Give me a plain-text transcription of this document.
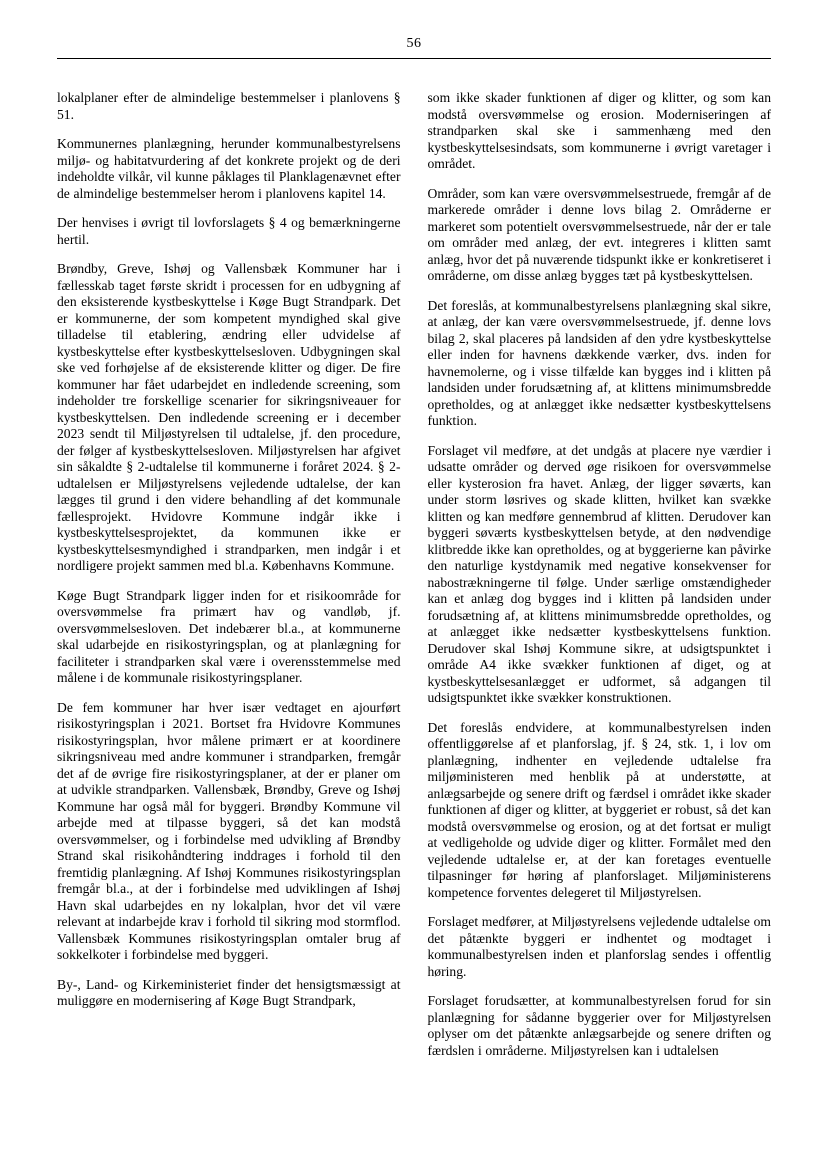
56

lokalplaner efter de almindelige bestemmelser i planlovens § 51.

Kommunernes planlægning, herunder kommunalbestyrelsens miljø- og habitatvurdering af det konkrete projekt og de deri indeholdte vilkår, vil kunne påklages til Planklagenævnet efter de almindelige bestemmelser herom i planlovens kapitel 14.

Der henvises i øvrigt til lovforslagets § 4 og bemærkningerne hertil.

Brøndby, Greve, Ishøj og Vallensbæk Kommuner har i fællesskab taget første skridt i processen for en udbygning af den eksisterende kystbeskyttelse i Køge Bugt Strandpark. Det er kommunerne, der som kompetent myndighed skal give tilladelse til etablering, ændring eller udvidelse af kystbeskyttelse efter kystbeskyttelsesloven. Udbygningen skal ske ved forhøjelse af de eksisterende klitter og diger. De fire kommuner har fået udarbejdet en indledende screening, som indeholder tre forskellige scenarier for sikringsniveauer for kystbeskyttelsen. Den indledende screening er i december 2023 sendt til Miljøstyrelsen til udtalelse, jf. den procedure, der følger af kystbeskyttelsesloven. Miljøstyrelsen har afgivet sin såkaldte § 2-udtalelse til kommunerne i foråret 2024. § 2-udtalelsen er Miljøstyrelsens vejledende udtalelse, der kan lægges til grund i den videre behandling af det kommunale fællesprojekt. Hvidovre Kommune indgår ikke i kystbeskyttelsesprojektet, da kommunen ikke er kystbeskyttelsesmyndighed i strandparken, men indgår i et nordligere projekt sammen med bl.a. Københavns Kommune.

Køge Bugt Strandpark ligger inden for et risikoområde for oversvømmelse fra primært hav og vandløb, jf. oversvømmelsesloven. Det indebærer bl.a., at kommunerne skal udarbejde en risikostyringsplan, og at planlægning for faciliteter i strandparken skal være i overensstemmelse med målene i de kommunale risikostyringsplaner.

De fem kommuner har hver især vedtaget en ajourført risikostyringsplan i 2021. Bortset fra Hvidovre Kommunes risikostyringsplan, hvor målene primært er at koordinere sikringsniveau med andre kommuner i strandparken, fremgår det af de øvrige fire risikostyringsplaner, at der er planer om at udvikle strandparken. Vallensbæk, Brøndby, Greve og Ishøj Kommune har også mål for byggeri. Brøndby Kommune vil arbejde med at tilpasse byggeri, så det kan modstå oversvømmelser, og i forbindelse med udvikling af Brøndby Strand skal risikohåndtering inddrages i forhold til den fremtidig planlægning. Af Ishøj Kommunes risikostyringsplan fremgår bl.a., at der i forbindelse med udviklingen af Ishøj Havn skal udarbejdes en ny lokalplan, hvor det vil være relevant at indarbejde krav i forhold til sikring mod stormflod. Vallensbæk Kommunes risikostyringsplan omtaler brug af sokkelkoter i forbindelse med byggeri.

By-, Land- og Kirkeministeriet finder det hensigtsmæssigt at muliggøre en modernisering af Køge Bugt Strandpark,

som ikke skader funktionen af diger og klitter, og som kan modstå oversvømmelse og erosion. Moderniseringen af strandparken skal ske i sammenhæng med den kystbeskyttelsesindsats, som kommunerne i øvrigt varetager i området.

Områder, som kan være oversvømmelsestruede, fremgår af de markerede områder i denne lovs bilag 2. Områderne er markeret som potentielt oversvømmelsestruede, når der er tale om områder med anlæg, der evt. integreres i klitten samt anlæg, hvor det på nuværende tidspunkt ikke er konkretiseret i områderne, om disse anlæg bygges tæt på kystbeskyttelsen.

Det foreslås, at kommunalbestyrelsens planlægning skal sikre, at anlæg, der kan være oversvømmelsestruede, jf. denne lovs bilag 2, skal placeres på landsiden af den ydre kystbeskyttelse eller inden for havnens dækkende værker, dvs. inden for havnemolerne, og i visse tilfælde kan bygges ind i klitten på landsiden under forudsætning af, at klittens minimumsbredde opretholdes, og at anlægget ikke nedsætter kystbeskyttelsens funktion.

Forslaget vil medføre, at det undgås at placere nye værdier i udsatte områder og derved øge risikoen for oversvømmelse eller kysterosion fra havet. Anlæg, der ligger søværts, kan under storm løsrives og skade klitten, hvilket kan svække klitten og kan medføre gennembrud af klitten. Derudover kan byggeri søværts kystbeskyttelsen betyde, at den nødvendige klitbredde ikke kan opretholdes, og at byggerierne kan påvirke den naturlige kystdynamik med negative konsekvenser for nabostrækningerne til følge. Under særlige omstændigheder kan et anlæg dog bygges ind i klitten på landsiden under forudsætning af, at klittens minimumsbredde opretholdes, og at anlægget ikke nedsætter kystbeskyttelsens funktion. Derudover skal Ishøj Kommune sikre, at udsigtspunktet i område A4 ikke svækker funktionen af diget, og at kystbeskyttelsesanlægget er udformet, så adgangen til udsigtspunktet ikke svækker konstruktionen.

Det foreslås endvidere, at kommunalbestyrelsen inden offentliggørelse af et planforslag, jf. § 24, stk. 1, i lov om planlægning, indhenter en vejledende udtalelse fra miljøministeren med henblik på at understøtte, at anlægsarbejde og senere drift og færdsel i området ikke skader funktionen af diger og klitter, at byggeriet er robust, så det kan modstå oversvømmelse og erosion, og at det fortsat er muligt at vedligeholde og udvide diger og klitter. Formålet med den vejledende udtalelse er, at der kan foretages eventuelle tilpasninger før høring af planforslaget. Miljøministerens kompetence forventes delegeret til Miljøstyrelsen.

Forslaget medfører, at Miljøstyrelsens vejledende udtalelse om det påtænkte byggeri er indhentet og modtaget i kommunalbestyrelsen inden et planforslag sendes i offentlig høring.

Forslaget forudsætter, at kommunalbestyrelsen forud for sin planlægning for sådanne byggerier over for Miljøstyrelsen oplyser om det påtænkte anlægsarbejde og senere driften og færdslen i områderne. Miljøstyrelsen kan i udtalelsen
